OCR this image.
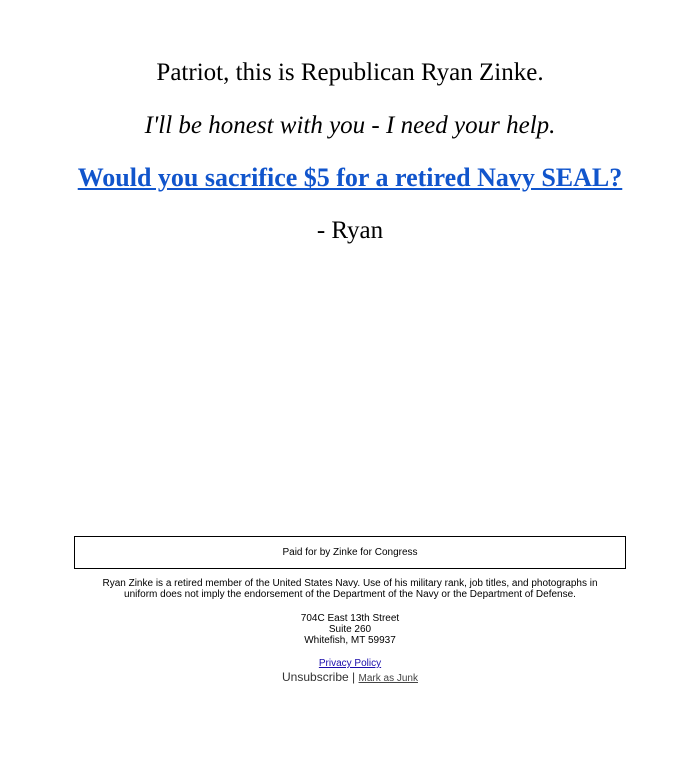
Patriot, this is Republican Ryan Zinke.
I'll be honest with you - I need your help.
Would you sacrifice $5 for a retired Navy SEAL?
- Ryan
Paid for by Zinke for Congress
Ryan Zinke is a retired member of the United States Navy. Use of his military rank, job titles, and photographs in uniform does not imply the endorsement of the Department of the Navy or the Department of Defense.
704C East 13th Street
Suite 260
Whitefish, MT 59937
Privacy Policy
Unsubscribe | Mark as Junk
